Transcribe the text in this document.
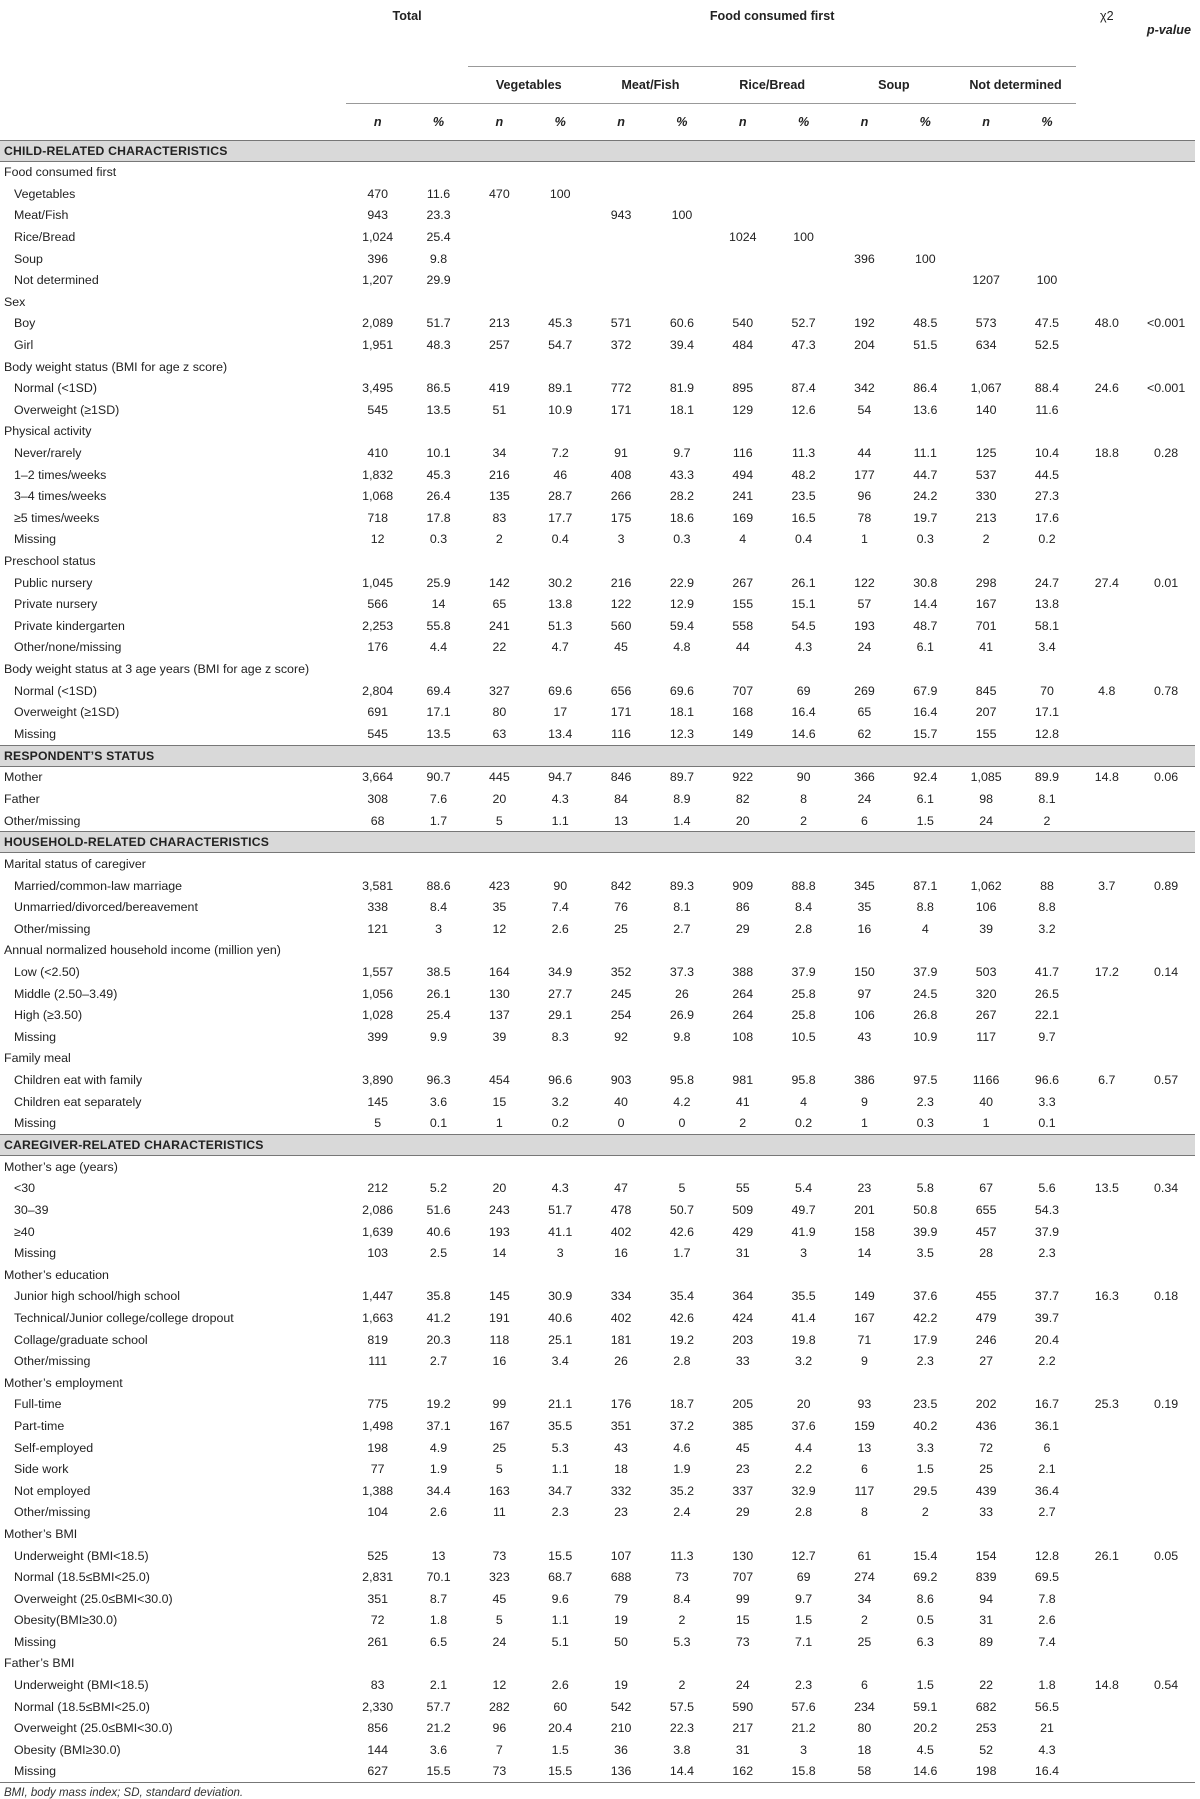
	Total		Food consumed first										χ2	p-value
			Vegetables		Meat/Fish		Rice/Bread		Soup		Not determined			
	n	%	n	%	n	%	n	%	n	%	n	%		
CHILD-RELATED CHARACTERISTICS														
Food consumed first														
Vegetables	470	11.6	470	100										
Meat/Fish	943	23.3			943	100								
Rice/Bread	1,024	25.4					1024	100						
Soup	396	9.8							396	100				
Not determined	1,207	29.9									1207	100		
Sex														
Boy	2,089	51.7	213	45.3	571	60.6	540	52.7	192	48.5	573	47.5	48.0	<0.001
Girl	1,951	48.3	257	54.7	372	39.4	484	47.3	204	51.5	634	52.5		
Body weight status (BMI for age z score)														
Normal (<1SD)	3,495	86.5	419	89.1	772	81.9	895	87.4	342	86.4	1,067	88.4	24.6	<0.001
Overweight (≥1SD)	545	13.5	51	10.9	171	18.1	129	12.6	54	13.6	140	11.6		
Physical activity														
Never/rarely	410	10.1	34	7.2	91	9.7	116	11.3	44	11.1	125	10.4	18.8	0.28
1–2 times/weeks	1,832	45.3	216	46	408	43.3	494	48.2	177	44.7	537	44.5		
3–4 times/weeks	1,068	26.4	135	28.7	266	28.2	241	23.5	96	24.2	330	27.3		
≥5 times/weeks	718	17.8	83	17.7	175	18.6	169	16.5	78	19.7	213	17.6		
Missing	12	0.3	2	0.4	3	0.3	4	0.4	1	0.3	2	0.2		
Preschool status														
Public nursery	1,045	25.9	142	30.2	216	22.9	267	26.1	122	30.8	298	24.7	27.4	0.01
Private nursery	566	14	65	13.8	122	12.9	155	15.1	57	14.4	167	13.8		
Private kindergarten	2,253	55.8	241	51.3	560	59.4	558	54.5	193	48.7	701	58.1		
Other/none/missing	176	4.4	22	4.7	45	4.8	44	4.3	24	6.1	41	3.4		
Body weight status at 3 age years (BMI for age z score)														
Normal (<1SD)	2,804	69.4	327	69.6	656	69.6	707	69	269	67.9	845	70	4.8	0.78
Overweight (≥1SD)	691	17.1	80	17	171	18.1	168	16.4	65	16.4	207	17.1		
Missing	545	13.5	63	13.4	116	12.3	149	14.6	62	15.7	155	12.8		
RESPONDENT’S STATUS														
Mother	3,664	90.7	445	94.7	846	89.7	922	90	366	92.4	1,085	89.9	14.8	0.06
Father	308	7.6	20	4.3	84	8.9	82	8	24	6.1	98	8.1		
Other/missing	68	1.7	5	1.1	13	1.4	20	2	6	1.5	24	2		
HOUSEHOLD-RELATED CHARACTERISTICS														
Marital status of caregiver														
Married/common-law marriage	3,581	88.6	423	90	842	89.3	909	88.8	345	87.1	1,062	88	3.7	0.89
Unmarried/divorced/bereavement	338	8.4	35	7.4	76	8.1	86	8.4	35	8.8	106	8.8		
Other/missing	121	3	12	2.6	25	2.7	29	2.8	16	4	39	3.2		
Annual normalized household income (million yen)														
Low (<2.50)	1,557	38.5	164	34.9	352	37.3	388	37.9	150	37.9	503	41.7	17.2	0.14
Middle (2.50–3.49)	1,056	26.1	130	27.7	245	26	264	25.8	97	24.5	320	26.5		
High (≥3.50)	1,028	25.4	137	29.1	254	26.9	264	25.8	106	26.8	267	22.1		
Missing	399	9.9	39	8.3	92	9.8	108	10.5	43	10.9	117	9.7		
Family meal														
Children eat with family	3,890	96.3	454	96.6	903	95.8	981	95.8	386	97.5	1166	96.6	6.7	0.57
Children eat separately	145	3.6	15	3.2	40	4.2	41	4	9	2.3	40	3.3		
Missing	5	0.1	1	0.2	0	0	2	0.2	1	0.3	1	0.1		
CAREGIVER-RELATED CHARACTERISTICS														
Mother’s age (years)														
<30	212	5.2	20	4.3	47	5	55	5.4	23	5.8	67	5.6	13.5	0.34
30–39	2,086	51.6	243	51.7	478	50.7	509	49.7	201	50.8	655	54.3		
≥40	1,639	40.6	193	41.1	402	42.6	429	41.9	158	39.9	457	37.9		
Missing	103	2.5	14	3	16	1.7	31	3	14	3.5	28	2.3		
Mother’s education														
Junior high school/high school	1,447	35.8	145	30.9	334	35.4	364	35.5	149	37.6	455	37.7	16.3	0.18
Technical/Junior college/college dropout	1,663	41.2	191	40.6	402	42.6	424	41.4	167	42.2	479	39.7		
Collage/graduate school	819	20.3	118	25.1	181	19.2	203	19.8	71	17.9	246	20.4		
Other/missing	111	2.7	16	3.4	26	2.8	33	3.2	9	2.3	27	2.2		
Mother’s employment														
Full-time	775	19.2	99	21.1	176	18.7	205	20	93	23.5	202	16.7	25.3	0.19
Part-time	1,498	37.1	167	35.5	351	37.2	385	37.6	159	40.2	436	36.1		
Self-employed	198	4.9	25	5.3	43	4.6	45	4.4	13	3.3	72	6		
Side work	77	1.9	5	1.1	18	1.9	23	2.2	6	1.5	25	2.1		
Not employed	1,388	34.4	163	34.7	332	35.2	337	32.9	117	29.5	439	36.4		
Other/missing	104	2.6	11	2.3	23	2.4	29	2.8	8	2	33	2.7		
Mother’s BMI														
Underweight (BMI<18.5)	525	13	73	15.5	107	11.3	130	12.7	61	15.4	154	12.8	26.1	0.05
Normal (18.5≤BMI<25.0)	2,831	70.1	323	68.7	688	73	707	69	274	69.2	839	69.5		
Overweight (25.0≤BMI<30.0)	351	8.7	45	9.6	79	8.4	99	9.7	34	8.6	94	7.8		
Obesity(BMI≥30.0)	72	1.8	5	1.1	19	2	15	1.5	2	0.5	31	2.6		
Missing	261	6.5	24	5.1	50	5.3	73	7.1	25	6.3	89	7.4		
Father’s BMI														
Underweight (BMI<18.5)	83	2.1	12	2.6	19	2	24	2.3	6	1.5	22	1.8	14.8	0.54
Normal (18.5≤BMI<25.0)	2,330	57.7	282	60	542	57.5	590	57.6	234	59.1	682	56.5		
Overweight (25.0≤BMI<30.0)	856	21.2	96	20.4	210	22.3	217	21.2	80	20.2	253	21		
Obesity (BMI≥30.0)	144	3.6	7	1.5	36	3.8	31	3	18	4.5	52	4.3		
Missing	627	15.5	73	15.5	136	14.4	162	15.8	58	14.6	198	16.4		
BMI, body mass index; SD, standard deviation.
